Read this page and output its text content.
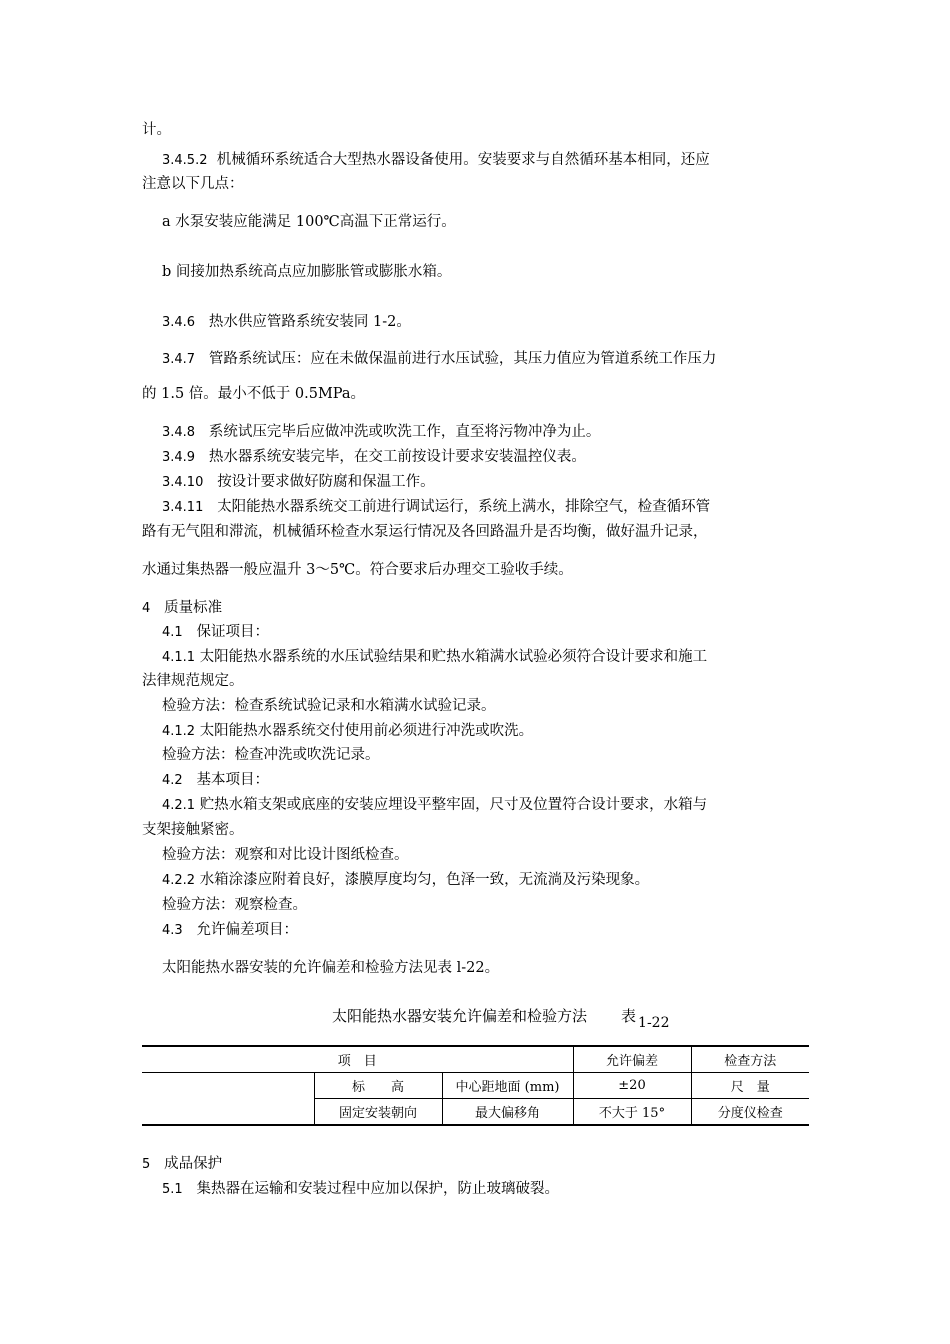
计。
3.4.5.2 机械循环系统适合大型热水器设备使用。安装要求与自然循环基本相同，还应
注意以下几点：
a 水泵安装应能满足 100℃高温下正常运行。
b 间接加热系统高点应加膨胀管或膨胀水箱。
3.4.6 热水供应管路系统安装同 1-2。
3.4.7 管路系统试压：应在未做保温前进行水压试验，其压力值应为管道系统工作压力
的 1.5 倍。最小不低于 0.5MPa。
3.4.8 系统试压完毕后应做冲洗或吹洗工作，直至将污物冲净为止。
3.4.9 热水器系统安装完毕，在交工前按设计要求安装温控仪表。
3.4.10 按设计要求做好防腐和保温工作。
3.4.11 太阳能热水器系统交工前进行调试运行，系统上满水，排除空气，检查循环管
路有无气阻和滞流，机械循环检查水泵运行情况及各回路温升是否均衡，做好温升记录，
水通过集热器一般应温升 3～5℃。符合要求后办理交工验收手续。
4 质量标准
4.1 保证项目：
4.1.1 太阳能热水器系统的水压试验结果和贮热水箱满水试验必须符合设计要求和施工
法律规范规定。
检验方法：检查系统试验记录和水箱满水试验记录。
4.1.2 太阳能热水器系统交付使用前必须进行冲洗或吹洗。
检验方法：检查冲洗或吹洗记录。
4.2 基本项目：
4.2.1 贮热水箱支架或底座的安装应埋设平整牢固，尺寸及位置符合设计要求，水箱与
支架接触紧密。
检验方法：观察和对比设计图纸检查。
4.2.2 水箱涂漆应附着良好，漆膜厚度均匀，色泽一致，无流淌及污染现象。
检验方法：观察检查。
4.3 允许偏差项目：
太阳能热水器安装的允许偏差和检验方法见表 l-22。
太阳能热水器安装允许偏差和检验方法 表 1-22
项　目			允许偏差	检查方法
	标　　高	中心距地面 (mm)	±20	尺　量
	固定安装朝向	最大偏移角	不大于 15°	分度仪检查
5 成品保护
5.1 集热器在运输和安装过程中应加以保护，防止玻璃破裂。
